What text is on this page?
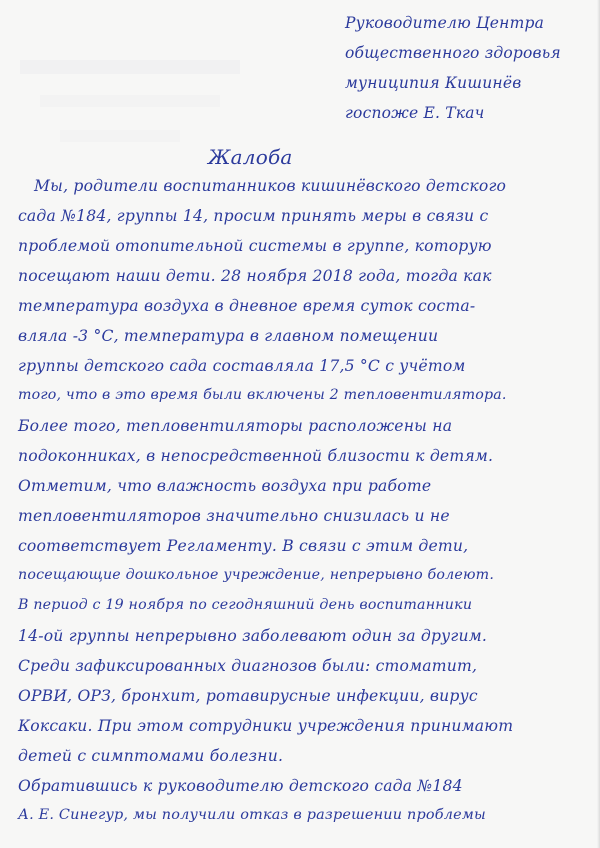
Руководителю Центра
общественного здоровья
муниципия Кишинёв
госпоже Е. Ткач
Жалоба
Мы, родители воспитанников кишинёвского детского
сада №184, группы 14, просим принять меры в связи с
проблемой отопительной системы в группе, которую
посещают наши дети. 28 ноября 2018 года, тогда как
температура воздуха в дневное время суток соста-
вляла -3 °С, температура в главном помещении
группы детского сада составляла 17,5 °С с учётом
того, что в это время были включены 2 тепловентилятора.
Более того, тепловентиляторы расположены на
подоконниках, в непосредственной близости к детям.
Отметим, что влажность воздуха при работе
тепловентиляторов значительно снизилась и не
соответствует Регламенту. В связи с этим дети,
посещающие дошкольное учреждение, непрерывно болеют.
В период с 19 ноября по сегодняшний день воспитанники
14-ой группы непрерывно заболевают один за другим.
Среди зафиксированных диагнозов были: стоматит,
ОРВИ, ОРЗ, бронхит, ротавирусные инфекции, вирус
Коксаки. При этом сотрудники учреждения принимают
детей с симптомами болезни.
Обратившись к руководителю детского сада №184
А. Е. Синегур, мы получили отказ в разрешении проблемы
